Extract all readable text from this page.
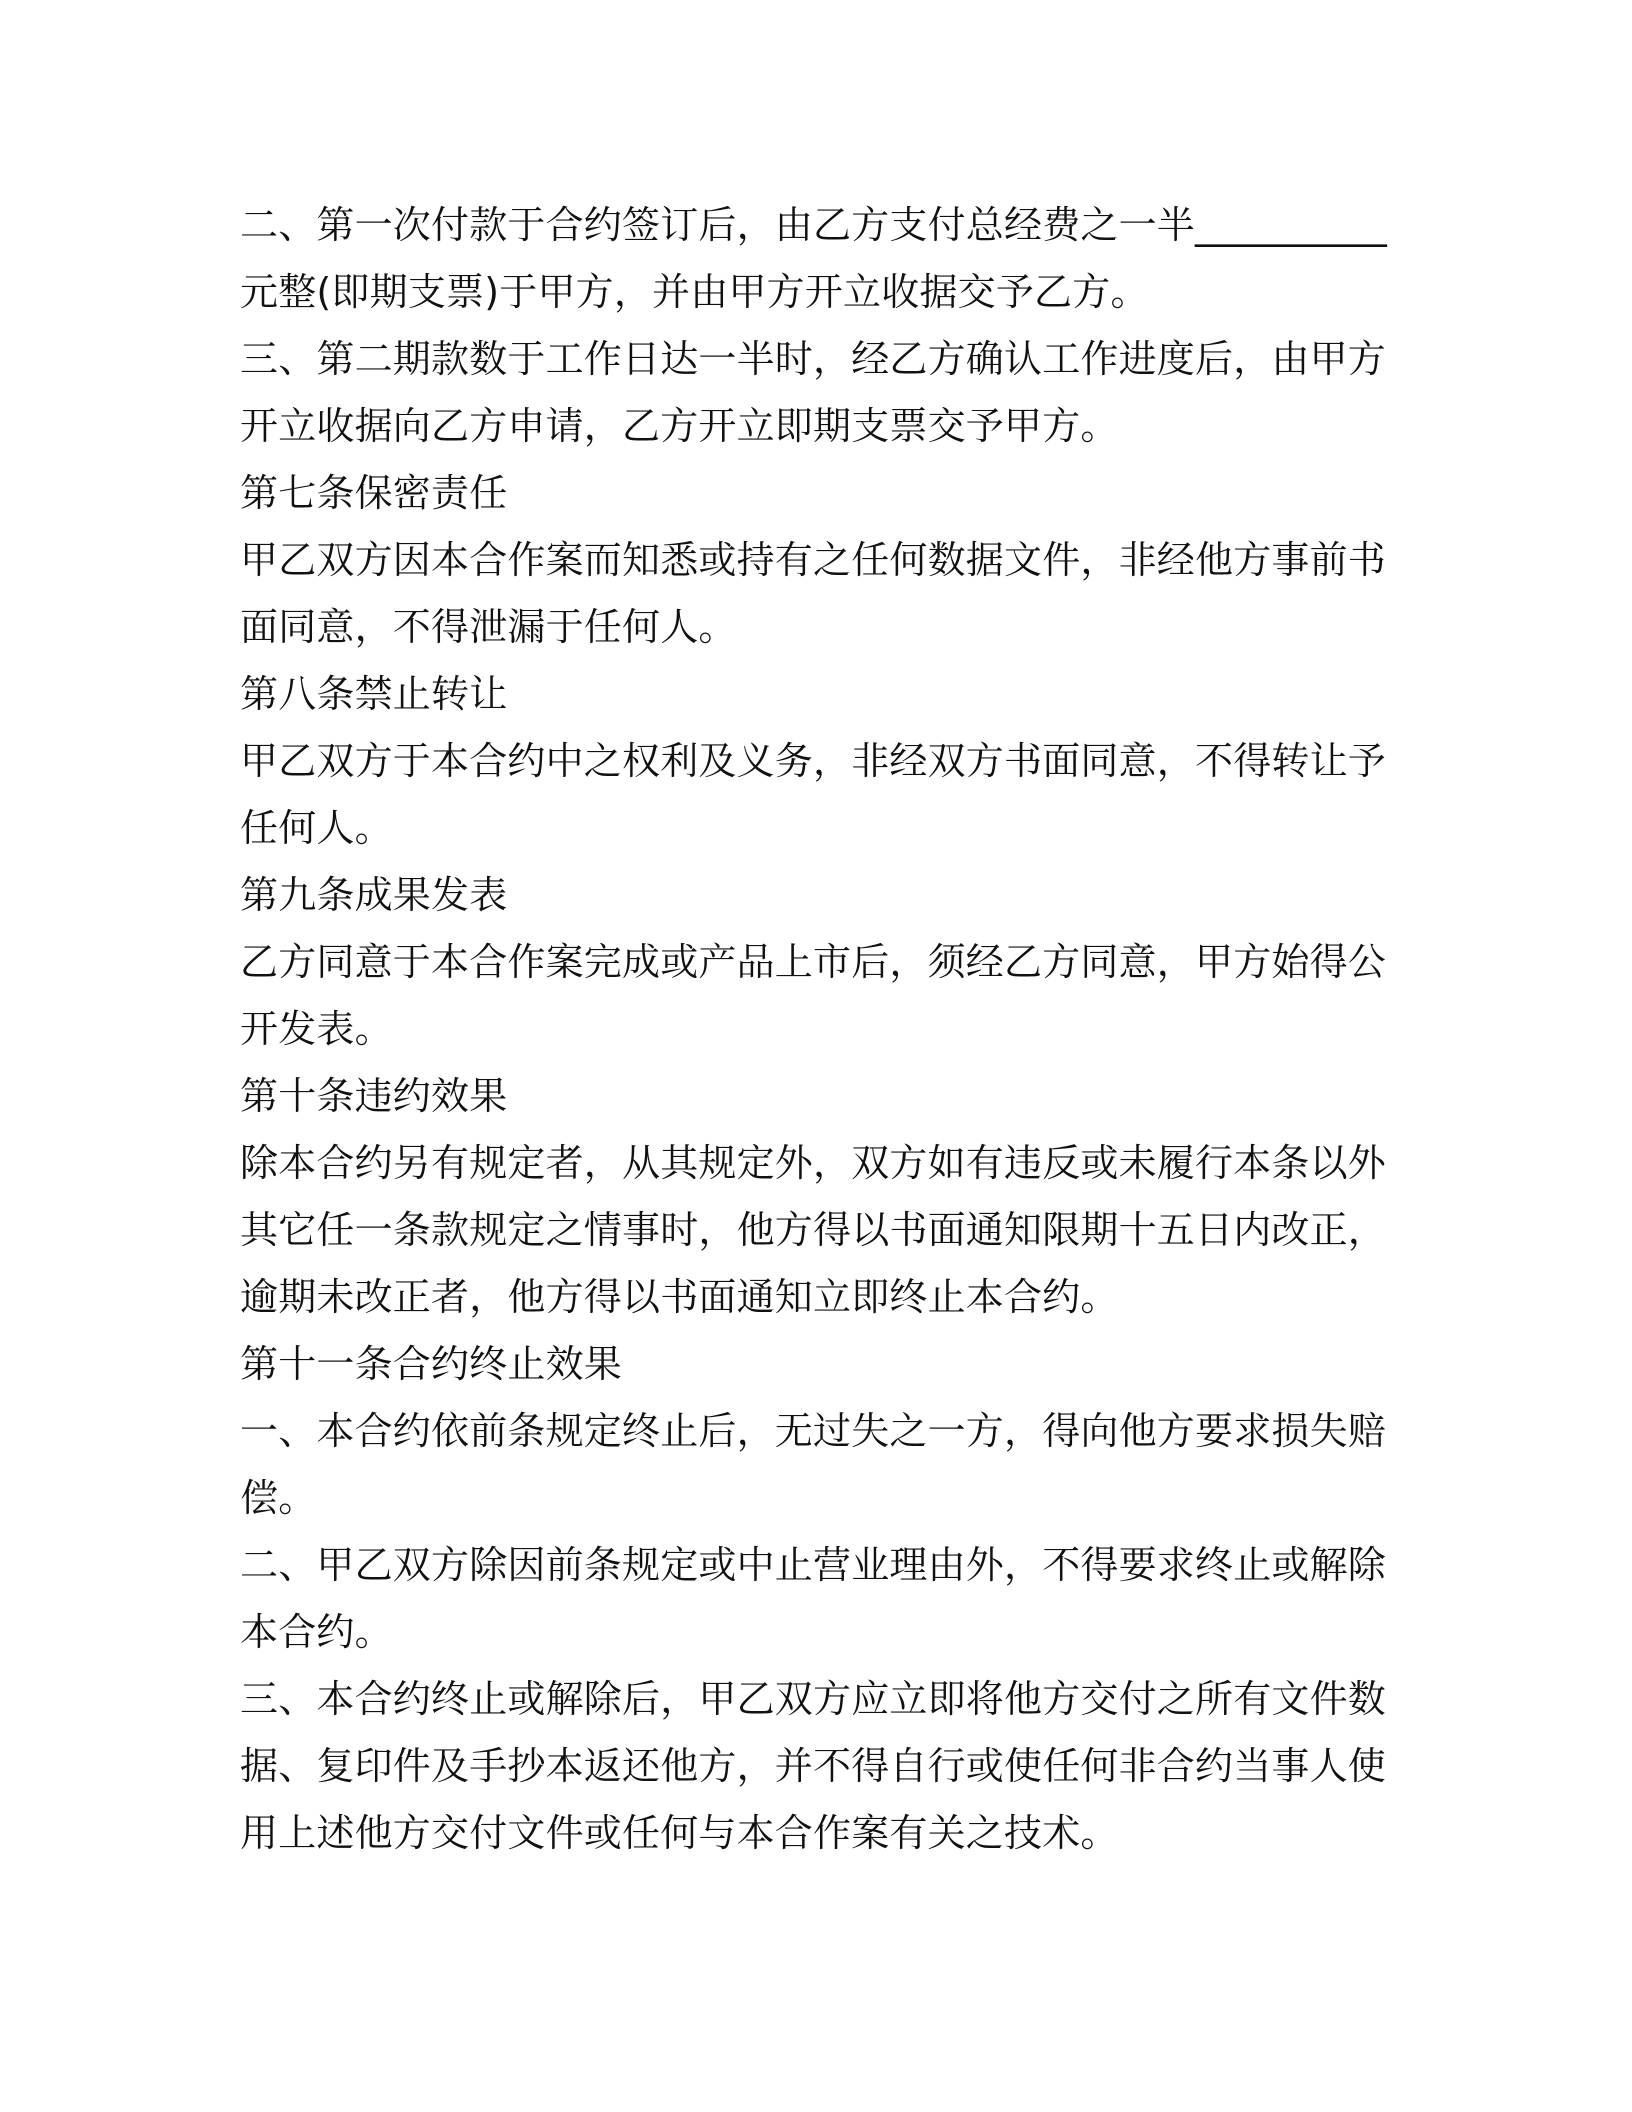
二、第一次付款于合约签订后，由乙方支付总经费之一半__________
元整(即期支票)于甲方，并由甲方开立收据交予乙方。
三、第二期款数于工作日达一半时，经乙方确认工作进度后，由甲方
开立收据向乙方申请，乙方开立即期支票交予甲方。
第七条保密责任
甲乙双方因本合作案而知悉或持有之任何数据文件，非经他方事前书
面同意，不得泄漏于任何人。
第八条禁止转让
甲乙双方于本合约中之权利及义务，非经双方书面同意，不得转让予
任何人。
第九条成果发表
乙方同意于本合作案完成或产品上市后，须经乙方同意，甲方始得公
开发表。
第十条违约效果
除本合约另有规定者，从其规定外，双方如有违反或未履行本条以外
其它任一条款规定之情事时，他方得以书面通知限期十五日内改正，
逾期未改正者，他方得以书面通知立即终止本合约。
第十一条合约终止效果
一、本合约依前条规定终止后，无过失之一方，得向他方要求损失赔
偿。
二、甲乙双方除因前条规定或中止营业理由外，不得要求终止或解除
本合约。
三、本合约终止或解除后，甲乙双方应立即将他方交付之所有文件数
据、复印件及手抄本返还他方，并不得自行或使任何非合约当事人使
用上述他方交付文件或任何与本合作案有关之技术。
